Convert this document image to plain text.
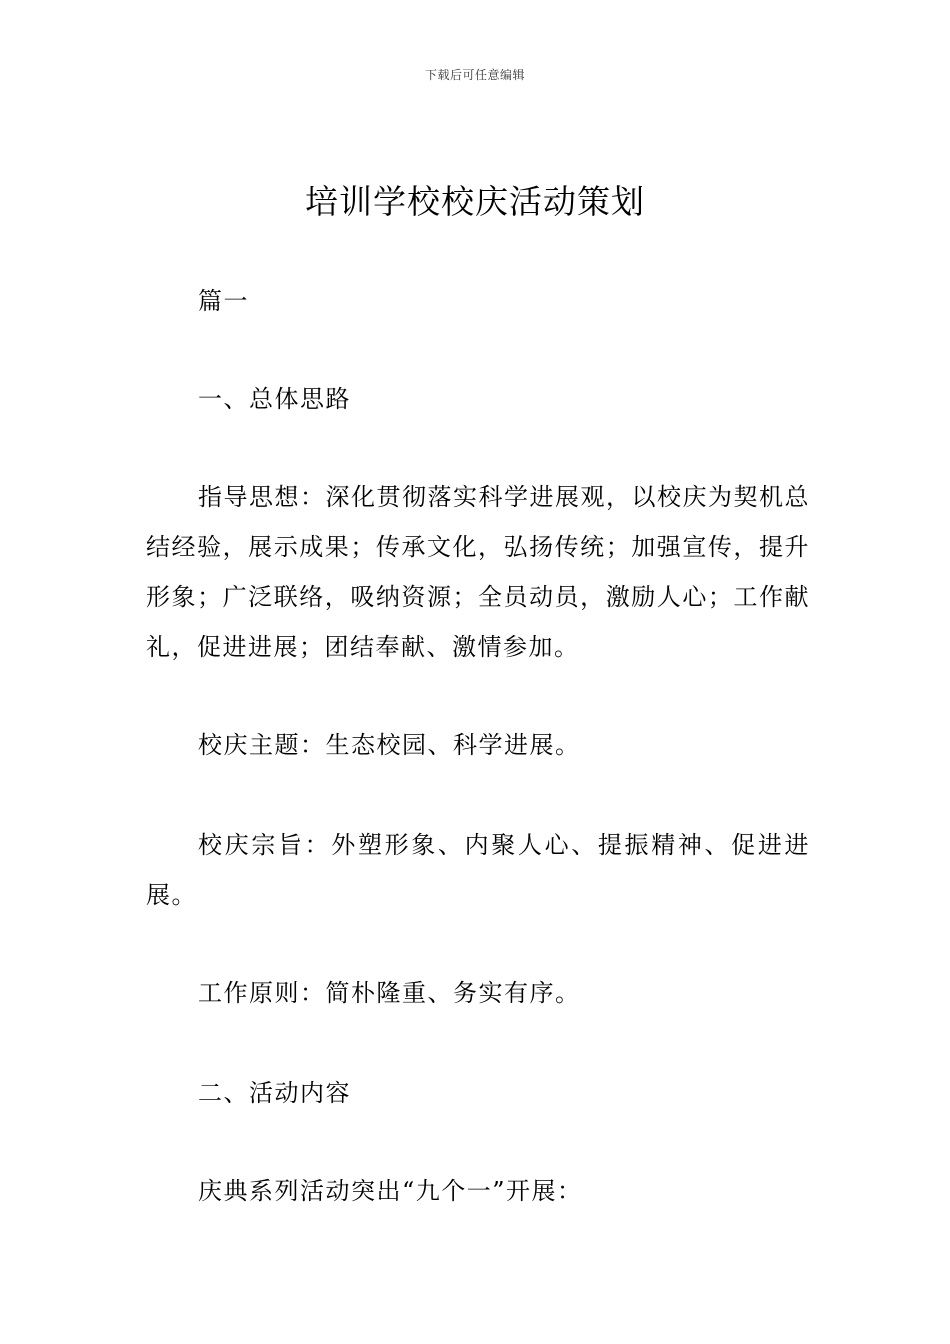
下载后可任意编辑
培训学校校庆活动策划

篇一

一、总体思路

指导思想：深化贯彻落实科学进展观，以校庆为契机总结经验，展示成果；传承文化，弘扬传统；加强宣传，提升形象；广泛联络，吸纳资源；全员动员，激励人心；工作献礼，促进进展；团结奉献、激情参加。

校庆主题：生态校园、科学进展。

校庆宗旨：外塑形象、内聚人心、提振精神、促进进展。

工作原则：简朴隆重、务实有序。

二、活动内容

庆典系列活动突出“九个一”开展：
